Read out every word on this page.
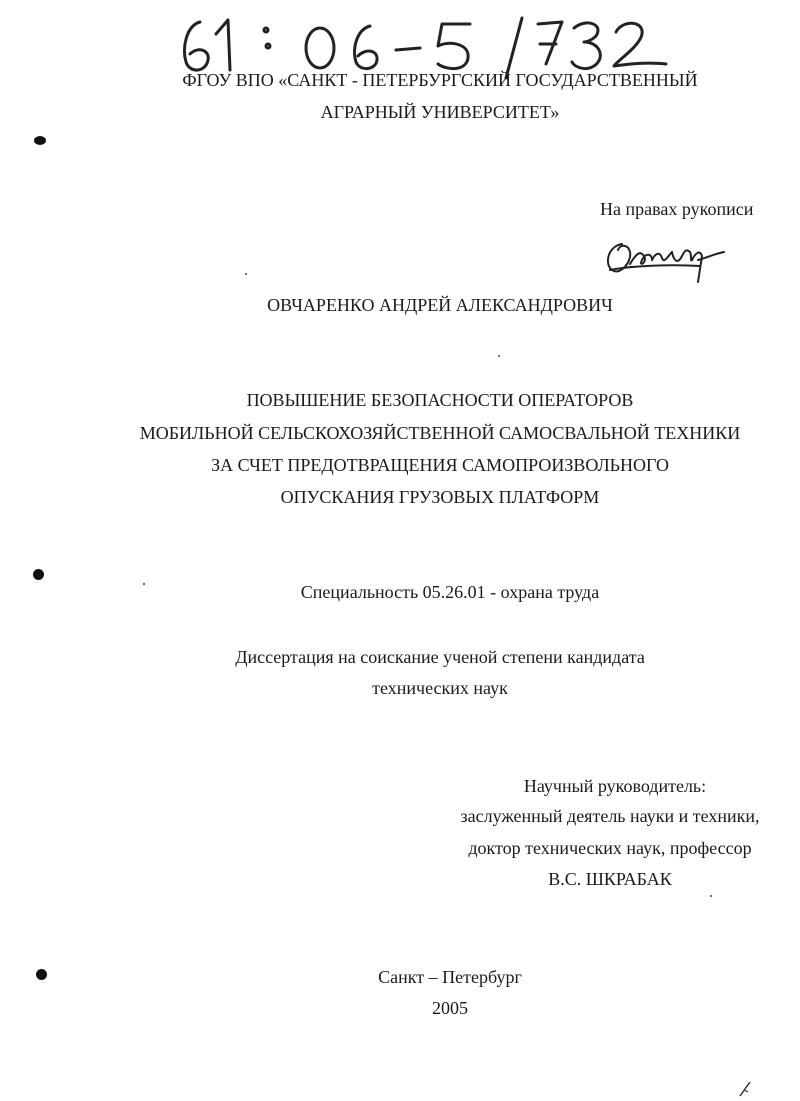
ФГОУ ВПО «САНКТ - ПЕТЕРБУРГСКИЙ ГОСУДАРСТВЕННЫЙ
АГРАРНЫЙ УНИВЕРСИТЕТ»
На правах рукописи
ОВЧАРЕНКО АНДРЕЙ АЛЕКСАНДРОВИЧ
ПОВЫШЕНИЕ БЕЗОПАСНОСТИ ОПЕРАТОРОВ
МОБИЛЬНОЙ СЕЛЬСКОХОЗЯЙСТВЕННОЙ САМОСВАЛЬНОЙ ТЕХНИКИ
ЗА СЧЕТ ПРЕДОТВРАЩЕНИЯ САМОПРОИЗВОЛЬНОГО
ОПУСКАНИЯ ГРУЗОВЫХ ПЛАТФОРМ
Специальность 05.26.01 - охрана труда
Диссертация на соискание ученой степени кандидата
технических наук
Научный руководитель:
заслуженный деятель науки и техники,
доктор технических наук, профессор
В.С. ШКРАБАК
Санкт – Петербург
2005
